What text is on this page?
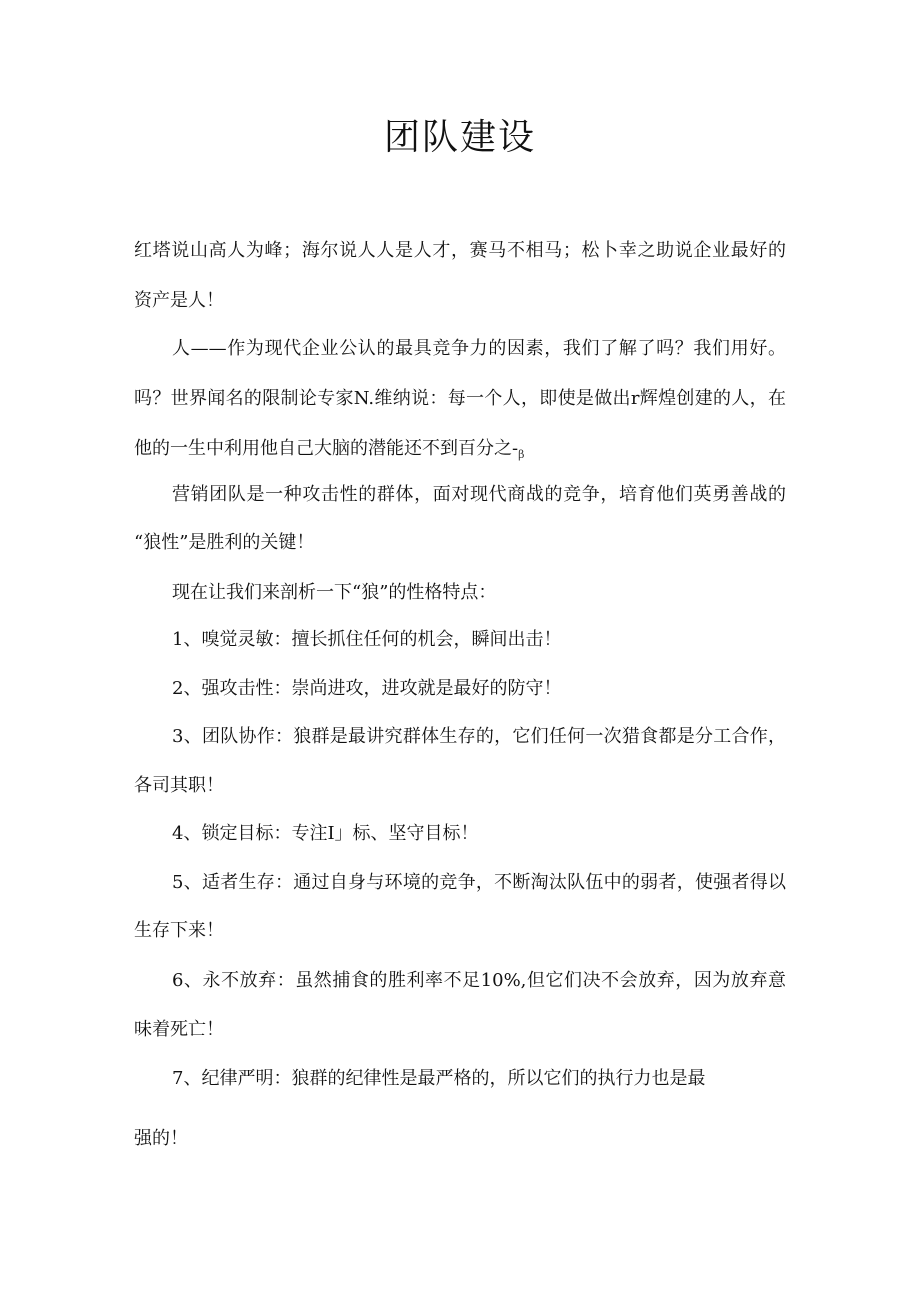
团队建设

红塔说山高人为峰；海尔说人人是人才，赛马不相马；松卜幸之助说企业最好的

资产是人！

人——作为现代企业公认的最具竞争力的因素，我们了解了吗？我们用好。

吗？世界闻名的限制论专家N.维纳说：每一个人，即使是做出r辉煌创建的人，在

他的一生中利用他自己大脑的潜能还不到百分之$-_\beta$

营销团队是一种攻击性的群体，面对现代商战的竞争，培育他们英勇善战的

“狼性”是胜利的关键！

现在让我们来剖析一下“狼”的性格特点：

1、嗅觉灵敏：擅长抓住任何的机会，瞬间出击！

2、强攻击性：崇尚进攻，进攻就是最好的防守！

3、团队协作：狼群是最讲究群体生存的，它们任何一次猎食都是分工合作，

各司其职！

4、锁定目标：专注I」标、坚守目标！

5、适者生存：通过自身与环境的竞争，不断淘汰队伍中的弱者，使强者得以

生存下来！

6、永不放弃：虽然捕食的胜利率不足10%,但它们决不会放弃，因为放弃意

味着死亡！

7、纪律严明：狼群的纪律性是最严格的，所以它们的执行力也是最

强的！
